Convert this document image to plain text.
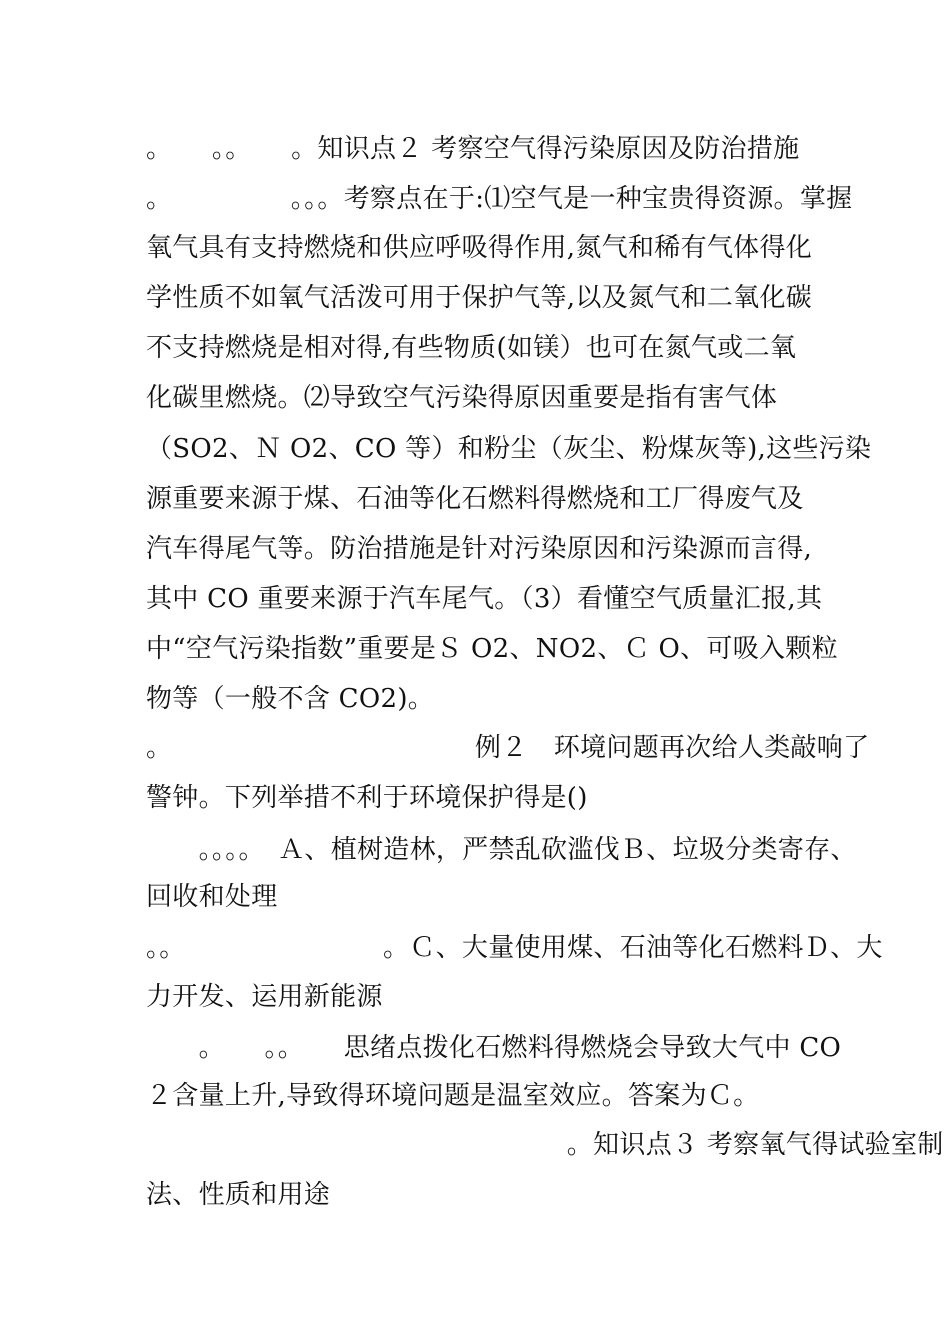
。　　。。　　。知识点２ 考察空气得污染原因及防治措施
。　　　　　。。。考察点在于:⑴空气是一种宝贵得资源。掌握
氧气具有支持燃烧和供应呼吸得作用,氮气和稀有气体得化
学性质不如氧气活泼可用于保护气等,以及氮气和二氧化碳
不支持燃烧是相对得,有些物质(如镁）也可在氮气或二氧
化碳里燃烧。⑵导致空气污染得原因重要是指有害气体
（SO2、Ｎ O2、CO 等）和粉尘（灰尘、粉煤灰等),这些污染
源重要来源于煤、石油等化石燃料得燃烧和工厂得废气及
汽车得尾气等。防治措施是针对污染原因和污染源而言得,
其中 CO 重要来源于汽车尾气。（3）看懂空气质量汇报,其
中“空气污染指数”重要是Ｓ O2、NO2、Ｃ O、可吸入颗粒
物等（一般不含 CO2)。
。　　　　　　　　　　　　例２　环境问题再次给人类敲响了
警钟。下列举措不利于环境保护得是()
　　。。。。　Ａ、植树造林，严禁乱砍滥伐Ｂ、垃圾分类寄存、
回收和处理
。。　　　　　　　　。Ｃ、大量使用煤、石油等化石燃料Ｄ、大
力开发、运用新能源
　　。　　。。　　思绪点拨化石燃料得燃烧会导致大气中 CO
２含量上升,导致得环境问题是温室效应。答案为Ｃ。
　　　　　　　　　　　　　　　　。知识点３ 考察氧气得试验室制
法、性质和用途
